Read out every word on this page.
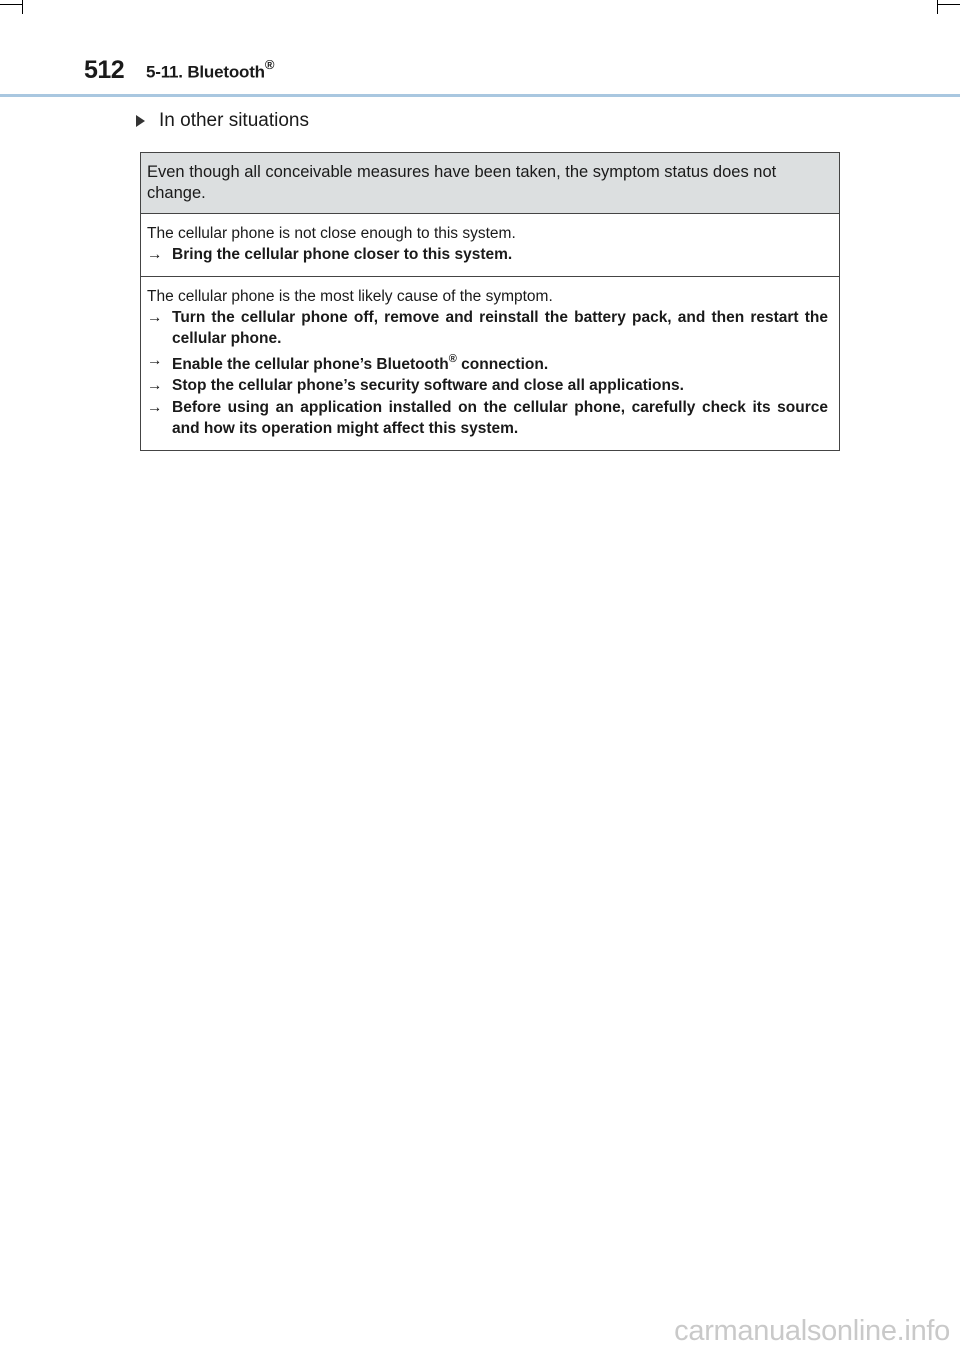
512	5-11. Bluetooth®
In other situations
Even though all conceivable measures have been taken, the symptom status does not change.
The cellular phone is not close enough to this system.
→ Bring the cellular phone closer to this system.
The cellular phone is the most likely cause of the symptom.
→ Turn the cellular phone off, remove and reinstall the battery pack, and then restart the cellular phone.
→ Enable the cellular phone’s Bluetooth® connection.
→ Stop the cellular phone’s security software and close all applications.
→ Before using an application installed on the cellular phone, carefully check its source and how its operation might affect this system.
carmanualsonline.info
